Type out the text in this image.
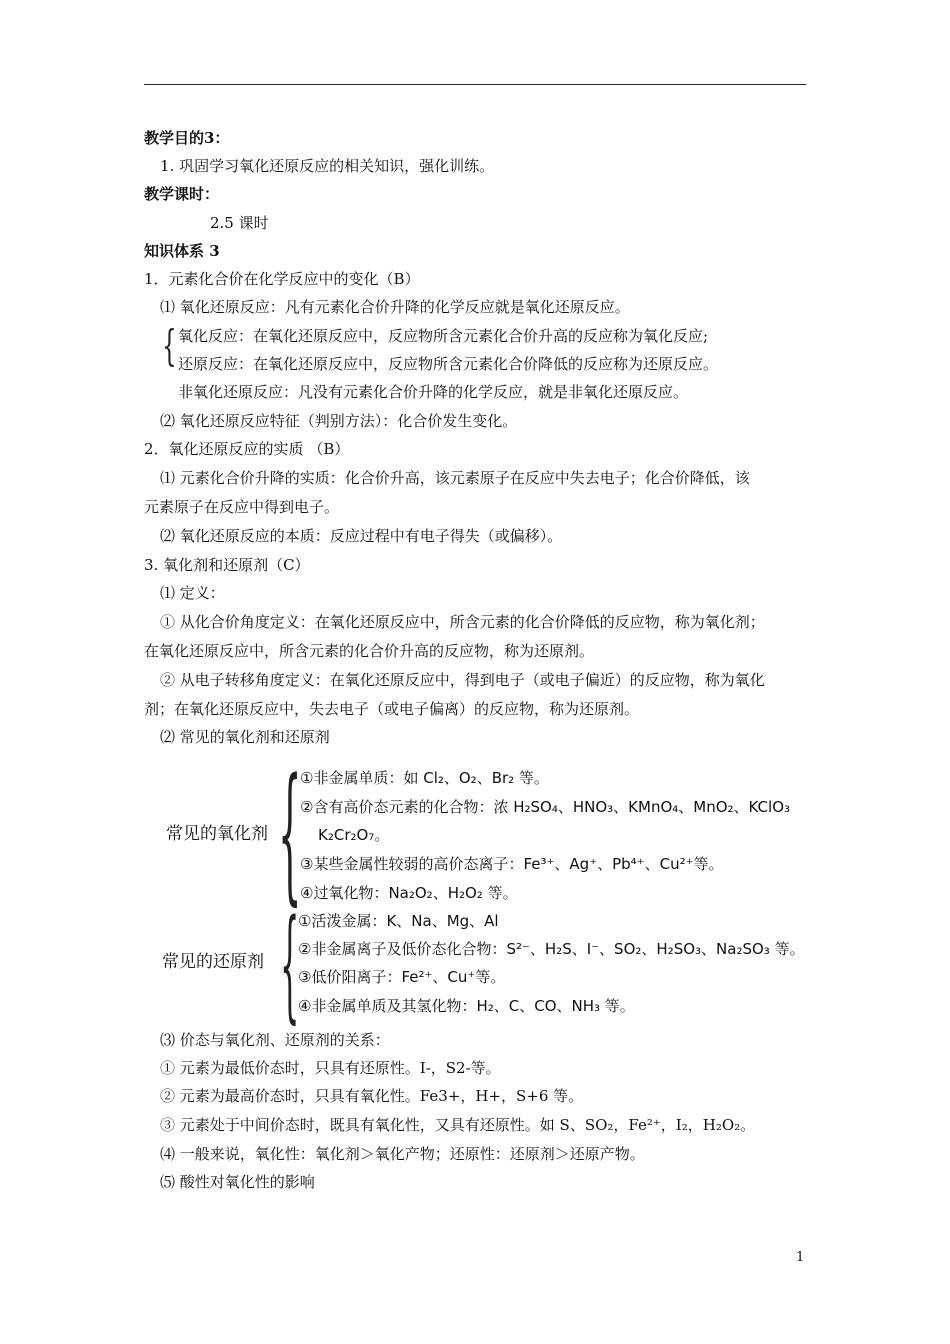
教学目的3：
1. 巩固学习氧化还原反应的相关知识，强化训练。
教学课时：
2.5 课时
知识体系 3
1．元素化合价在化学反应中的变化（B）
⑴ 氧化还原反应：凡有元素化合价升降的化学反应就是氧化还原反应。
{ 氧化反应：在氧化还原反应中，反应物所含元素化合价升高的反应称为氧化反应;
还原反应：在氧化还原反应中，反应物所含元素化合价降低的反应称为还原反应。
非氧化还原反应：凡没有元素化合价升降的化学反应，就是非氧化还原反应。
⑵ 氧化还原反应特征（判别方法）：化合价发生变化。
2．氧化还原反应的实质 （B）
⑴ 元素化合价升降的实质：化合价升高，该元素原子在反应中失去电子；化合价降低，该
元素原子在反应中得到电子。
⑵ 氧化还原反应的本质：反应过程中有电子得失（或偏移）。
3. 氧化剂和还原剂（C）
⑴ 定义：
① 从化合价角度定义：在氧化还原反应中，所含元素的化合价降低的反应物，称为氧化剂；
在氧化还原反应中，所含元素的化合价升高的反应物，称为还原剂。
② 从电子转移角度定义：在氧化还原反应中，得到电子（或电子偏近）的反应物，称为氧化
剂；在氧化还原反应中，失去电子（或电子偏离）的反应物，称为还原剂。
⑵ 常见的氧化剂和还原剂
常见的氧化剂 {
①非金属单质：如 Cl₂、O₂、Br₂ 等。
②含有高价态元素的化合物：浓 H₂SO₄、HNO₃、KMnO₄、MnO₂、KClO₃
K₂Cr₂O₇。
③某些金属性较弱的高价态离子：Fe³⁺、Ag⁺、Pb⁴⁺、Cu²⁺等。
④过氧化物：Na₂O₂、H₂O₂ 等。
常见的还原剂 {
①活泼金属：K、Na、Mg、Al
②非金属离子及低价态化合物：S²⁻、H₂S、I⁻、SO₂、H₂SO₃、Na₂SO₃ 等。
③低价阳离子：Fe²⁺、Cu⁺等。
④非金属单质及其氢化物：H₂、C、CO、NH₃ 等。
⑶ 价态与氧化剂、还原剂的关系：
① 元素为最低价态时，只具有还原性。I-，S2-等。
② 元素为最高价态时，只具有氧化性。Fe3+，H+，S+6 等。
③ 元素处于中间价态时，既具有氧化性，又具有还原性。如 S、SO₂，Fe²⁺，I₂，H₂O₂。
⑷ 一般来说，氧化性：氧化剂＞氧化产物；还原性：还原剂＞还原产物。
⑸ 酸性对氧化性的影响
1
